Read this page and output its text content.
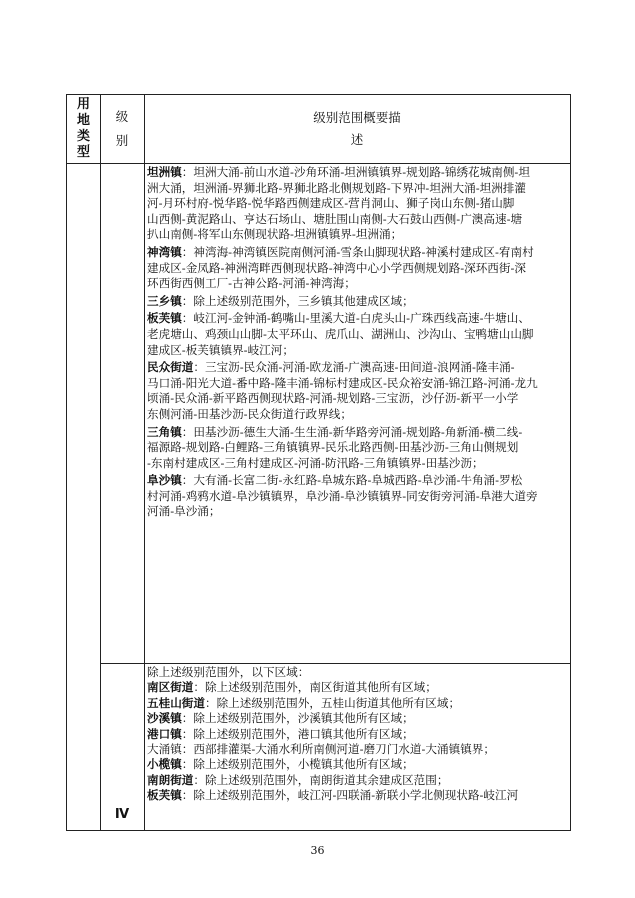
用
地
类
型
级
别
级别范围概要描
述
坦洲镇：坦洲大涌-前山水道-沙角环涌-坦洲镇镇界-规划路-锦绣花城南侧-坦
洲大涌，坦洲涌-界狮北路-界狮北路北侧规划路-下界冲-坦洲大涌-坦洲排灌
河-月环村府-悦华路-悦华路西侧建成区-营肖洞山、狮子岗山东侧-猪山脚
山西侧-黄泥路山、亨达石场山、塘肚围山南侧-大石鼓山西侧-广澳高速-塘
扒山南侧-将军山东侧现状路-坦洲镇镇界-坦洲涌；
神湾镇：神湾海-神湾镇医院南侧河涌-雪条山脚现状路-神溪村建成区-宥南村
建成区-金凤路-神洲湾畔西侧现状路-神湾中心小学西侧规划路-深环西街-深
环西街西侧工厂-古神公路-河涌-神湾海；
三乡镇：除上述级别范围外，三乡镇其他建成区域；
板芙镇：岐江河-金钟涌-鹤嘴山-里溪大道-白虎头山-广珠西线高速-牛塘山、
老虎塘山、鸡颈山山脚-太平环山、虎爪山、湖洲山、沙沟山、宝鸭塘山山脚
建成区-板芙镇镇界-岐江河；
民众街道：三宝沥-民众涌-河涌-欧龙涌-广澳高速-田间道-浪网涌-隆丰涌-
马口涌-阳光大道-番中路-隆丰涌-锦标村建成区-民众裕安涌-锦江路-河涌-龙九
顷涌-民众涌-新平路西侧现状路-河涌-规划路-三宝沥，沙仔沥-新平一小学
东侧河涌-田基沙沥-民众街道行政界线；
三角镇：田基沙沥-德生大涌-生生涌-新华路旁河涌-规划路-角新涌-横二线-
福源路-规划路-白鲤路-三角镇镇界-民乐北路西侧-田基沙沥-三角山侧规划
-东南村建成区-三角村建成区-河涌-防汛路-三角镇镇界-田基沙沥；
阜沙镇：大有涌-长富二街-永红路-阜城东路-阜城西路-阜沙涌-牛角涌-罗松
村河涌-鸡鸦水道-阜沙镇镇界，阜沙涌-阜沙镇镇界-同安街旁河涌-阜港大道旁
河涌-阜沙涌；
除上述级别范围外，以下区域：
南区街道：除上述级别范围外，南区街道其他所有区域；
五桂山街道：除上述级别范围外，五桂山街道其他所有区域；
沙溪镇：除上述级别范围外，沙溪镇其他所有区域；
港口镇：除上述级别范围外，港口镇其他所有区域；
大涌镇：西部排灌渠-大涌水利所南侧河道-磨刀门水道-大涌镇镇界；
小榄镇：除上述级别范围外，小榄镇其他所有区域；
南朗街道：除上述级别范围外，南朗街道其余建成区范围；
板芙镇：除上述级别范围外，岐江河-四联涌-新联小学北侧现状路-岐江河
Ⅳ
36
